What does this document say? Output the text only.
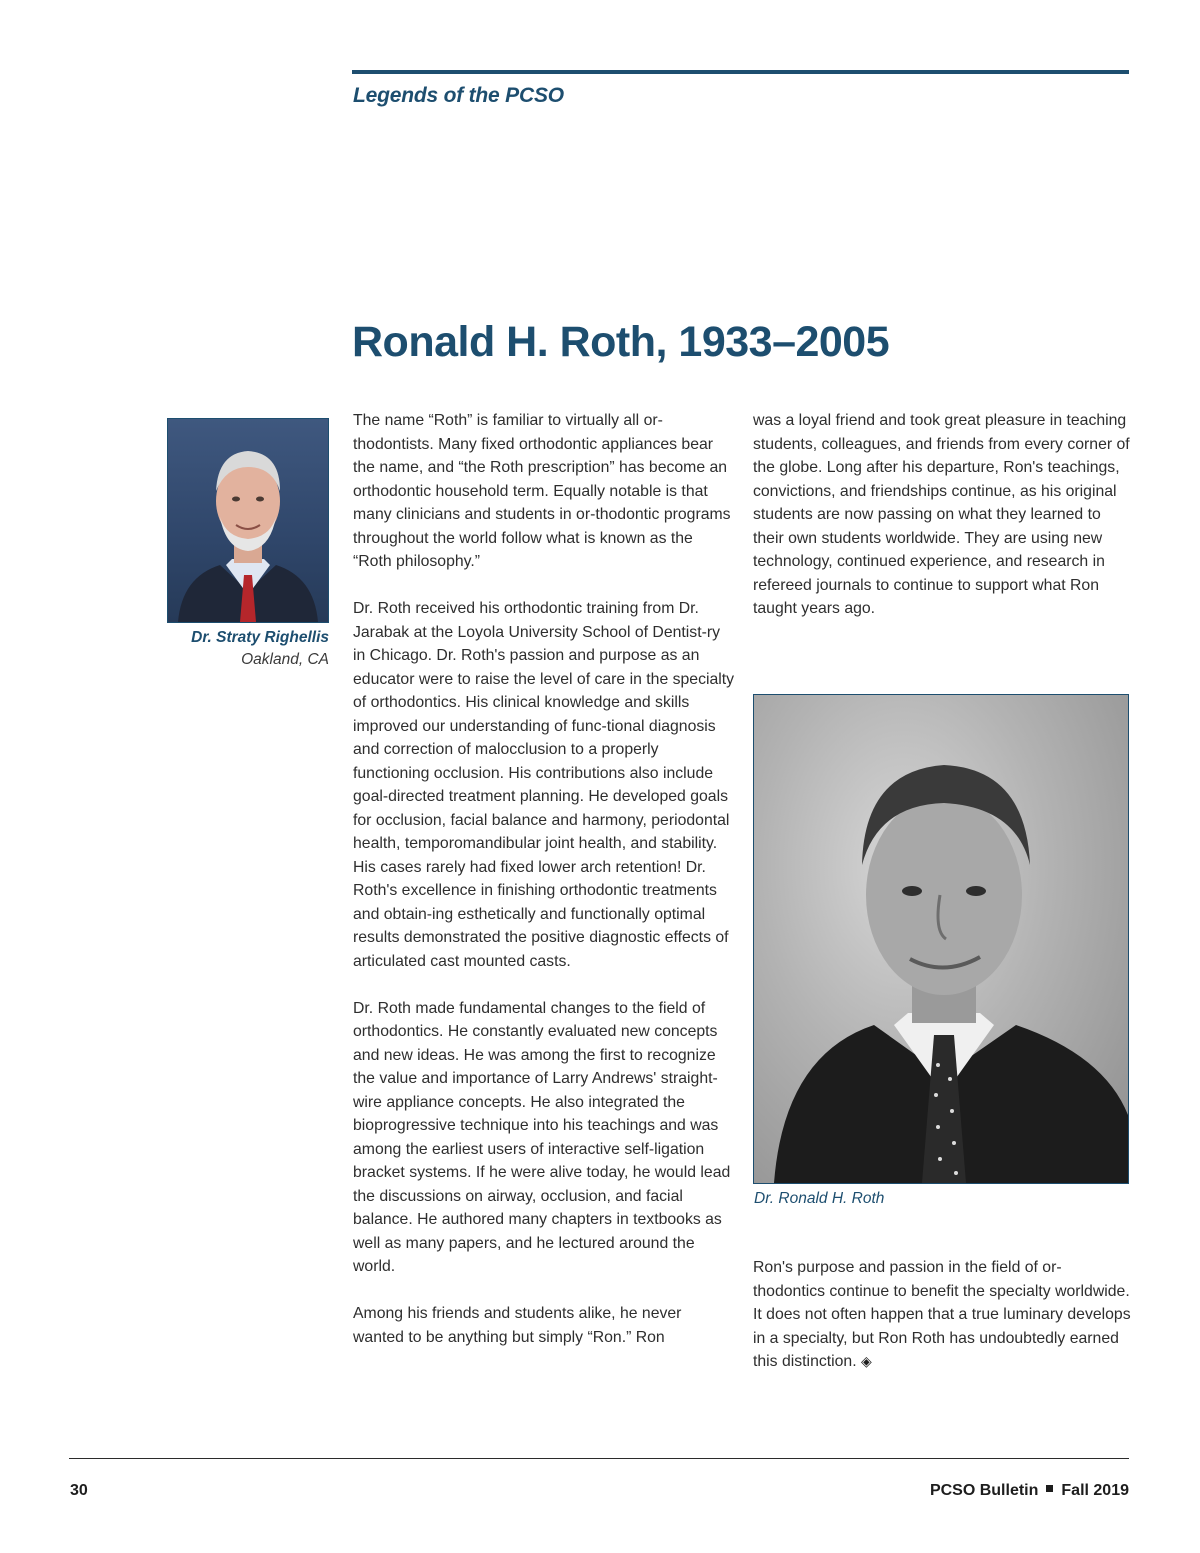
Legends of the PCSO
Ronald H. Roth, 1933–2005
Dr. Straty Righellis
Oakland, CA

The name “Roth” is familiar to virtually all or-thodontists. Many fixed orthodontic appliances bear the name, and “the Roth prescription” has become an orthodontic household term. Equally notable is that many clinicians and students in or-thodontic programs throughout the world follow what is known as the “Roth philosophy.”

Dr. Roth received his orthodontic training from Dr. Jarabak at the Loyola University School of Dentist-ry in Chicago. Dr. Roth's passion and purpose as an educator were to raise the level of care in the specialty of orthodontics. His clinical knowledge and skills improved our understanding of func-tional diagnosis and correction of malocclusion to a properly functioning occlusion. His contributions also include goal-directed treatment planning. He developed goals for occlusion, facial balance and harmony, periodontal health, temporomandibular joint health, and stability. His cases rarely had fixed lower arch retention! Dr. Roth's excellence in finishing orthodontic treatments and obtain-ing esthetically and functionally optimal results demonstrated the positive diagnostic effects of articulated cast mounted casts.

Dr. Roth made fundamental changes to the field of orthodontics. He constantly evaluated new concepts and new ideas. He was among the first to recognize the value and importance of Larry Andrews' straight-wire appliance concepts. He also integrated the bioprogressive technique into his teachings and was among the earliest users of interactive self-ligation bracket systems. If he were alive today, he would lead the discussions on airway, occlusion, and facial balance. He authored many chapters in textbooks as well as many papers, and he lectured around the world.

Among his friends and students alike, he never wanted to be anything but simply “Ron.” Ron

was a loyal friend and took great pleasure in teaching students, colleagues, and friends from every corner of the globe. Long after his departure, Ron's teachings, convictions, and friendships continue, as his original students are now passing on what they learned to their own students worldwide. They are using new technology, continued experience, and research in refereed journals to continue to support what Ron taught years ago.

Dr. Ronald H. Roth

Ron's purpose and passion in the field of or-thodontics continue to benefit the specialty worldwide. It does not often happen that a true luminary develops in a specialty, but Ron Roth has undoubtedly earned this distinction. ◈

30	PCSO Bulletin Fall 2019
